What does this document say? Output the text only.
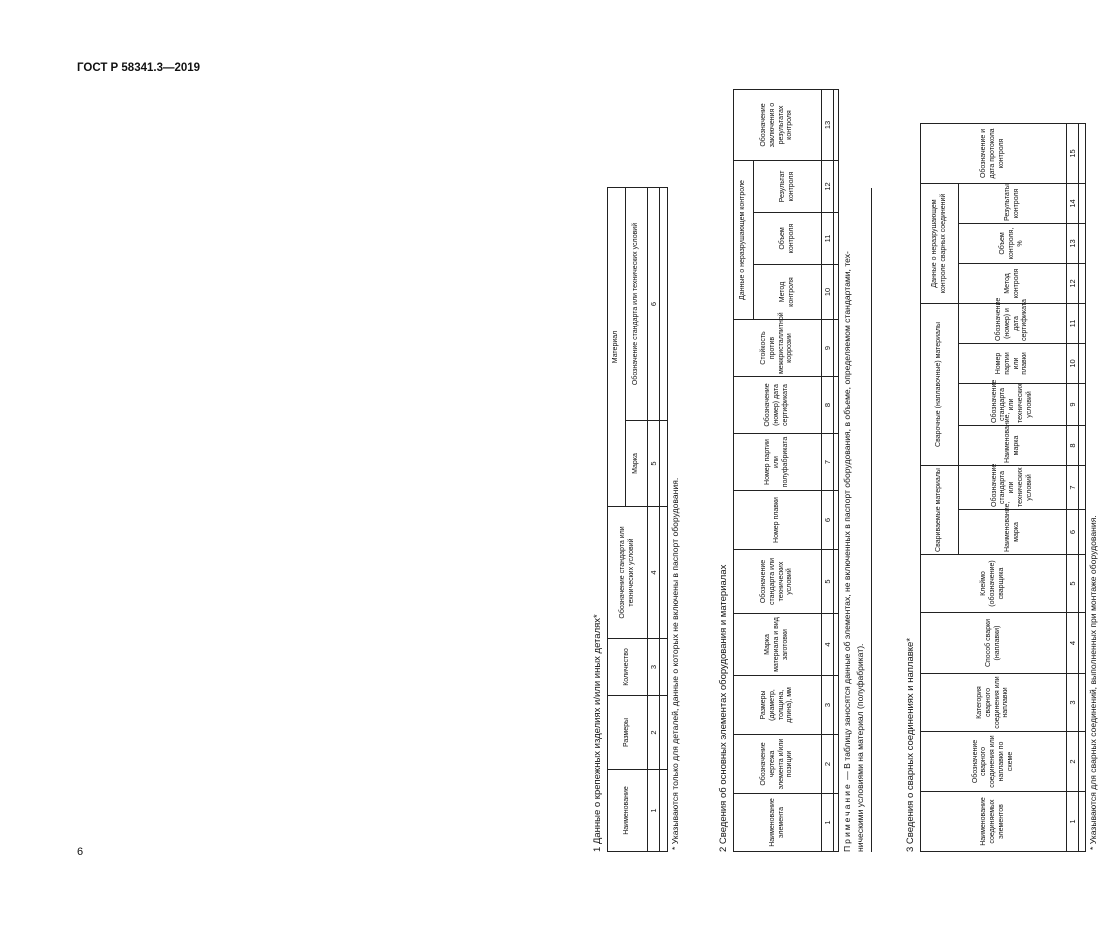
ГОСТ Р 58341.3—2019
1 Данные о крепежных изделиях и/или иных деталях*	Наименование	Размеры	Количество	Обозначение стандарта или технических условий	Материал	
				Марка	Обозначение стандарта или технических условий
1	2	3	4	5	6

* Указываются только для деталей, данные о которых не включены в паспорт оборудования.	2 Сведения об основных элементах оборудования и материалах	Наименование элемента	Обозначение чертежа элемента и/или позиции	Размеры (диаметр, толщина, длина), мм	Марка материала и вид заготовки	Обозначение стандарта или технических условий	Номер плавки	Номер партии или полуфабриката	Обозначение (номер) дата сертификата	Стойкость против межкристаллитной коррозии	Данные о неразрушающем контроле			Обозначение заключения о результатах контроля
									Метод контроля	Объем контроля	Результат контроля	
1	2	3	4	5	6	7	8	9	10	11	12	13

Примечание — В таблицу заносятся данные об элементах, не включенных в паспорт оборудования, в объеме, определяемом стандартами, тех- ническими условиями на материал (полуфабрикат).	3 Сведения о сварных соединениях и наплавке*	Наименование соединяемых элементов	Обозначение сварного соединения или наплавки по схеме	Категория сварного соединения или наплавки	Способ сварки (наплавки)	Клеймо (обозначение) сварщика	Свариваемые материалы		Сварочные (наплавочные) материалы				Данные о неразрушающем контроле сварных соединений			Обозначение и дата протокола контроля
					Наименование, марка	Обозначение стандарта или технических условий	Наименование, марка	Обозначение стандарта или технических условий	Номер партии или плавки	Обозначение (номер) и дата сертификата	Метод контроля	Объем контроля, %	Результаты контроля	
1	2	3	4	5	6	7	8	9	10	11	12	13	14	15

* Указываются для сварных соединений, выполненных при монтаже оборудования.
6
